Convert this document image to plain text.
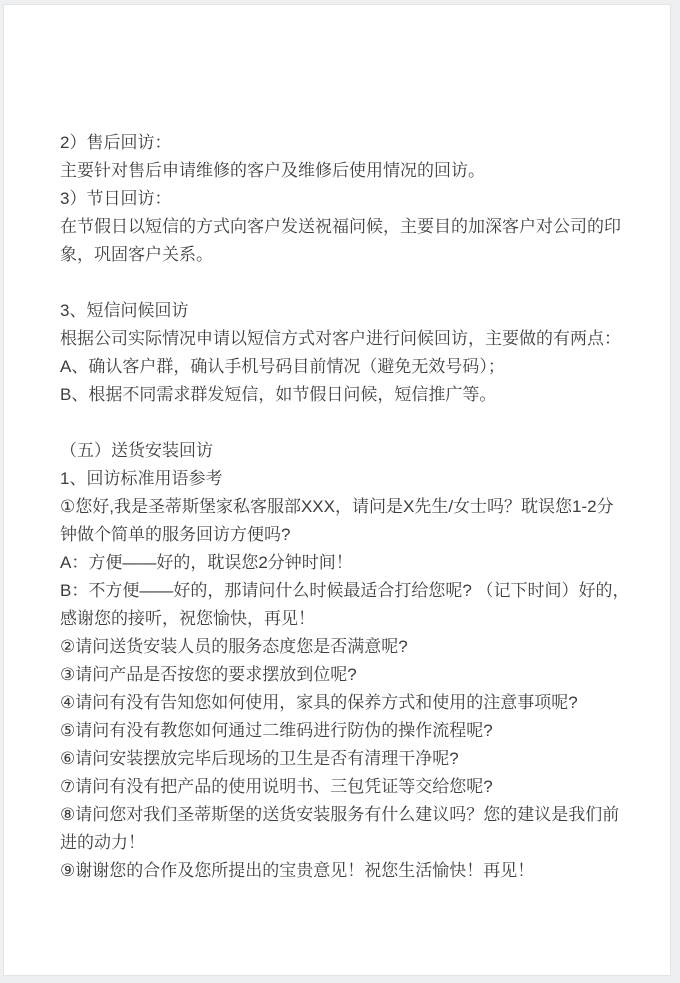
2）售后回访：

主要针对售后申请维修的客户及维修后使用情况的回访。

3）节日回访：

在节假日以短信的方式向客户发送祝福问候，主要目的加深客户对公司的印

象，巩固客户关系。

3、短信问候回访

根据公司实际情况申请以短信方式对客户进行问候回访，主要做的有两点：

A、确认客户群，确认手机号码目前情况（避免无效号码）；

B、根据不同需求群发短信，如节假日问候，短信推广等。

（五）送货安装回访

1、回访标准用语参考

①您好,我是圣蒂斯堡家私客服部XXX，请问是X先生/女士吗？耽误您1-2分

钟做个简单的服务回访方便吗?

A：方便——好的，耽误您2分钟时间！

B：不方便——好的，那请问什么时候最适合打给您呢? （记下时间）好的，

感谢您的接听，祝您愉快，再见！

②请问送货安装人员的服务态度您是否满意呢?

③请问产品是否按您的要求摆放到位呢?

④请问有没有告知您如何使用，家具的保养方式和使用的注意事项呢?

⑤请问有没有教您如何通过二维码进行防伪的操作流程呢?

⑥请问安装摆放完毕后现场的卫生是否有清理干净呢?

⑦请问有没有把产品的使用说明书、三包凭证等交给您呢?

⑧请问您对我们圣蒂斯堡的送货安装服务有什么建议吗？您的建议是我们前

进的动力！

⑨谢谢您的合作及您所提出的宝贵意见！祝您生活愉快！再见！
